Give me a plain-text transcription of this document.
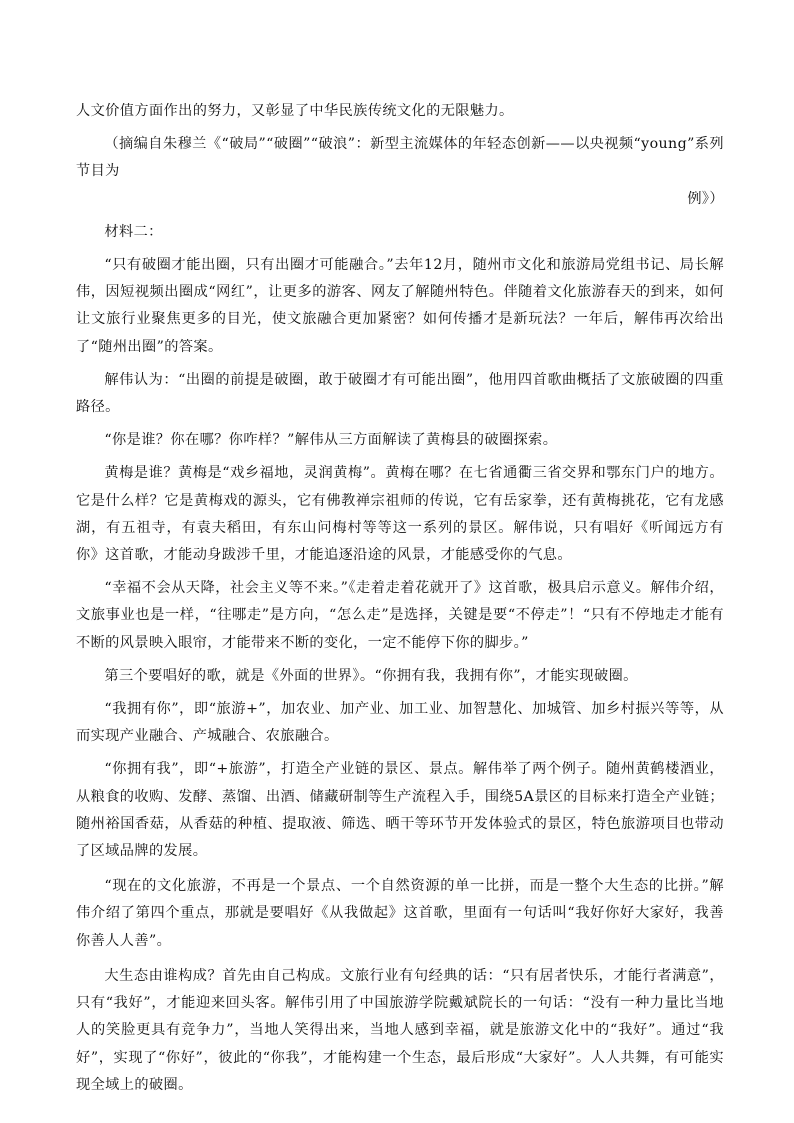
人文价值方面作出的努力，又彰显了中华民族传统文化的无限魅力。

（摘编自朱穆兰《“破局”“破圈”“破浪”：新型主流媒体的年轻态创新——以央视频“young”系列节目为

例》）

材料二：

“只有破圈才能出圈，只有出圈才可能融合。”去年12月，随州市文化和旅游局党组书记、局长解伟，因短视频出圈成“网红”，让更多的游客、网友了解随州特色。伴随着文化旅游春天的到来，如何让文旅行业聚焦更多的目光，使文旅融合更加紧密？如何传播才是新玩法？一年后，解伟再次给出了“随州出圈”的答案。

解伟认为：“出圈的前提是破圈，敢于破圈才有可能出圈”，他用四首歌曲概括了文旅破圈的四重路径。

“你是谁？你在哪？你咋样？”解伟从三方面解读了黄梅县的破圈探索。

黄梅是谁？黄梅是“戏乡福地，灵润黄梅”。黄梅在哪？在七省通衢三省交界和鄂东门户的地方。它是什么样？它是黄梅戏的源头，它有佛教禅宗祖师的传说，它有岳家拳，还有黄梅挑花，它有龙感湖，有五祖寺，有袁夫稻田，有东山问梅村等等这一系列的景区。解伟说，只有唱好《听闻远方有你》这首歌，才能动身跋涉千里，才能追逐沿途的风景，才能感受你的气息。

“幸福不会从天降，社会主义等不来。”《走着走着花就开了》这首歌，极具启示意义。解伟介绍，文旅事业也是一样，“往哪走”是方向，“怎么走”是选择，关键是要“不停走”！“只有不停地走才能有不断的风景映入眼帘，才能带来不断的变化，一定不能停下你的脚步。”

第三个要唱好的歌，就是《外面的世界》。“你拥有我，我拥有你”，才能实现破圈。

“我拥有你”，即“旅游+”，加农业、加产业、加工业、加智慧化、加城管、加乡村振兴等等，从而实现产业融合、产城融合、农旅融合。

“你拥有我”，即“+旅游”，打造全产业链的景区、景点。解伟举了两个例子。随州黄鹤楼酒业，从粮食的收购、发酵、蒸馏、出酒、储藏研制等生产流程入手，围绕5A景区的目标来打造全产业链；随州裕国香菇，从香菇的种植、提取液、筛选、晒干等环节开发体验式的景区，特色旅游项目也带动了区域品牌的发展。

“现在的文化旅游，不再是一个景点、一个自然资源的单一比拼，而是一整个大生态的比拼。”解伟介绍了第四个重点，那就是要唱好《从我做起》这首歌，里面有一句话叫“我好你好大家好，我善你善人人善”。

大生态由谁构成？首先由自己构成。文旅行业有句经典的话：“只有居者快乐，才能行者满意”，只有“我好”，才能迎来回头客。解伟引用了中国旅游学院戴斌院长的一句话：“没有一种力量比当地人的笑脸更具有竞争力”，当地人笑得出来，当地人感到幸福，就是旅游文化中的“我好”。通过“我好”，实现了“你好”，彼此的“你我”，才能构建一个生态，最后形成“大家好”。人人共舞，有可能实现全域上的破圈。
